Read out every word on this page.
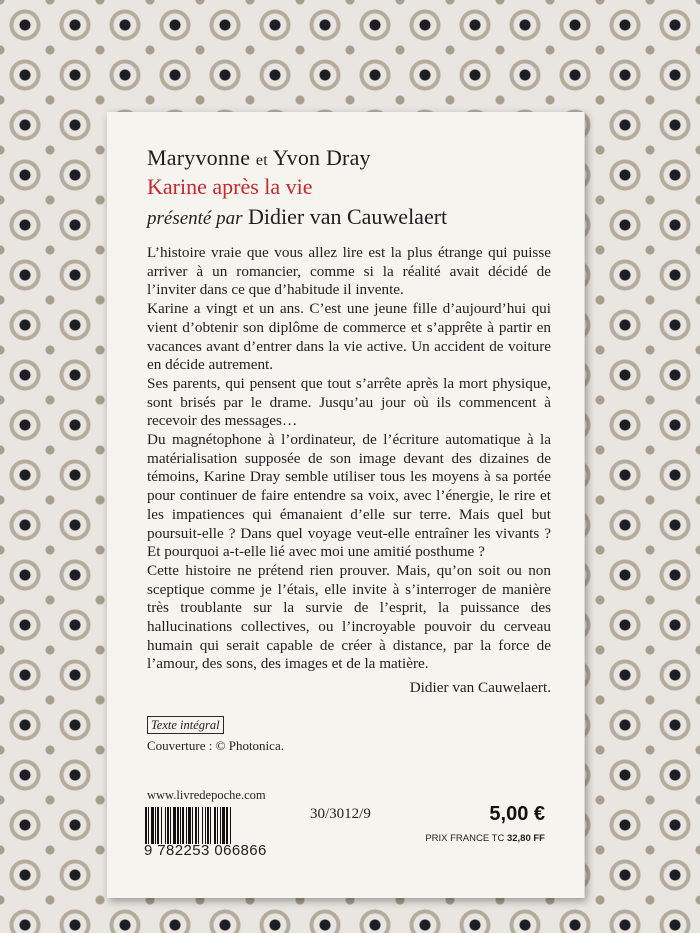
Maryvonne et Yvon Dray
Karine après la vie
présenté par Didier van Cauwelaert

L’histoire vraie que vous allez lire est la plus étrange qui puisse arriver à un romancier, comme si la réalité avait décidé de l’inviter dans ce que d’habitude il invente.

Karine a vingt et un ans. C’est une jeune fille d’aujourd’hui qui vient d’obtenir son diplôme de commerce et s’apprête à partir en vacances avant d’entrer dans la vie active. Un accident de voiture en décide autrement.

Ses parents, qui pensent que tout s’arrête après la mort physique, sont brisés par le drame. Jusqu’au jour où ils commencent à recevoir des messages…

Du magnétophone à l’ordinateur, de l’écriture automatique à la matérialisation supposée de son image devant des dizaines de témoins, Karine Dray semble utiliser tous les moyens à sa portée pour continuer de faire entendre sa voix, avec l’énergie, le rire et les impatiences qui émanaient d’elle sur terre. Mais quel but poursuit-elle ? Dans quel voyage veut-elle entraîner les vivants ? Et pourquoi a-t-elle lié avec moi une amitié posthume ?

Cette histoire ne prétend rien prouver. Mais, qu’on soit ou non sceptique comme je l’étais, elle invite à s’interroger de manière très troublante sur la survie de l’esprit, la puissance des hallucinations collectives, ou l’incroyable pouvoir du cerveau humain qui serait capable de créer à distance, par la force de l’amour, des sons, des images et de la matière.

Didier van Cauwelaert.
Texte intégral
Couverture : © Photonica.
www.livredepoche.com
9 782253 066866
30/3012/9	5,00 €
PRIX FRANCE TC 32,80 FF
